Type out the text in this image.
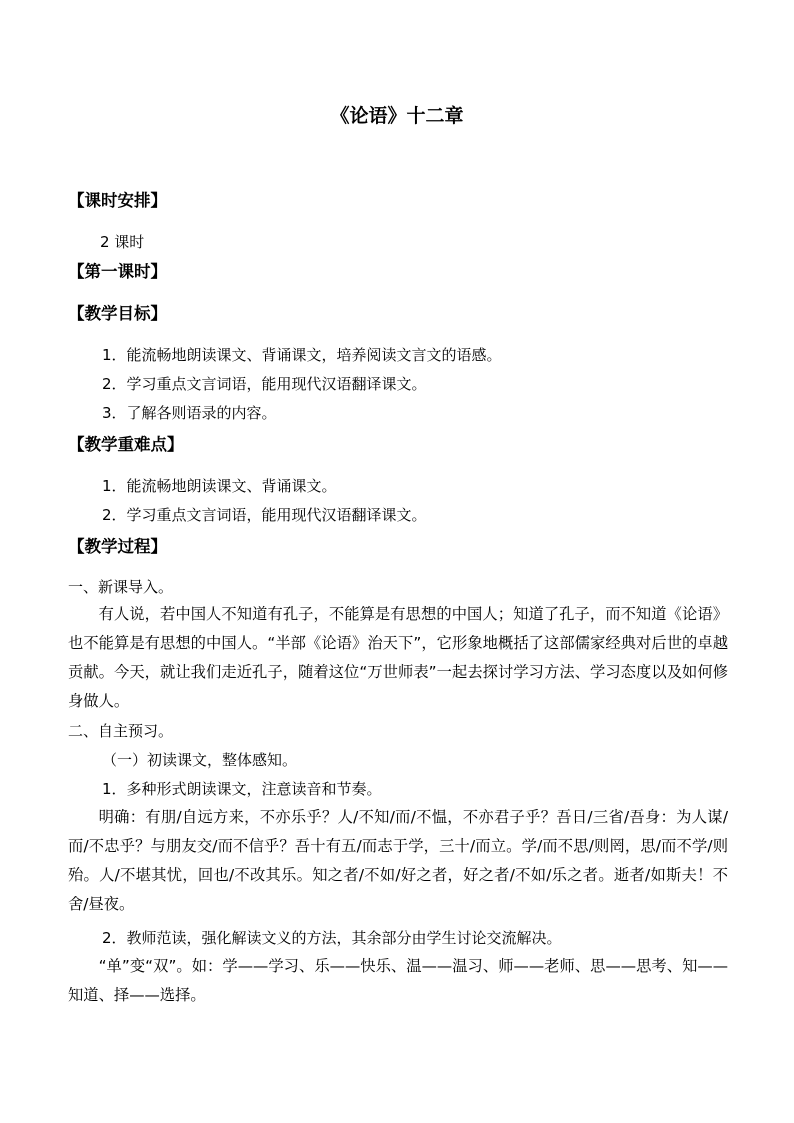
《论语》十二章
【课时安排】
2 课时
【第一课时】
【教学目标】
1．能流畅地朗读课文、背诵课文，培养阅读文言文的语感。
2．学习重点文言词语，能用现代汉语翻译课文。
3．了解各则语录的内容。
【教学重难点】
1．能流畅地朗读课文、背诵课文。
2．学习重点文言词语，能用现代汉语翻译课文。
【教学过程】
一、新课导入。
有人说，若中国人不知道有孔子，不能算是有思想的中国人；知道了孔子，而不知道《论语》也不能算是有思想的中国人。“半部《论语》治天下”，它形象地概括了这部儒家经典对后世的卓越贡献。今天，就让我们走近孔子，随着这位“万世师表”一起去探讨学习方法、学习态度以及如何修身做人。
二、自主预习。
（一）初读课文，整体感知。
1．多种形式朗读课文，注意读音和节奏。
明确：有朋/自远方来，不亦乐乎？人/不知/而/不愠，不亦君子乎？吾日/三省/吾身：为人谋/而/不忠乎？与朋友交/而不信乎？吾十有五/而志于学，三十/而立。学/而不思/则罔，思/而不学/则殆。人/不堪其忧，回也/不改其乐。知之者/不如/好之者，好之者/不如/乐之者。逝者/如斯夫！不舍/昼夜。
2．教师范读，强化解读文义的方法，其余部分由学生讨论交流解决。
“单”变“双”。如：学——学习、乐——快乐、温——温习、师——老师、思——思考、知——知道、择——选择。
